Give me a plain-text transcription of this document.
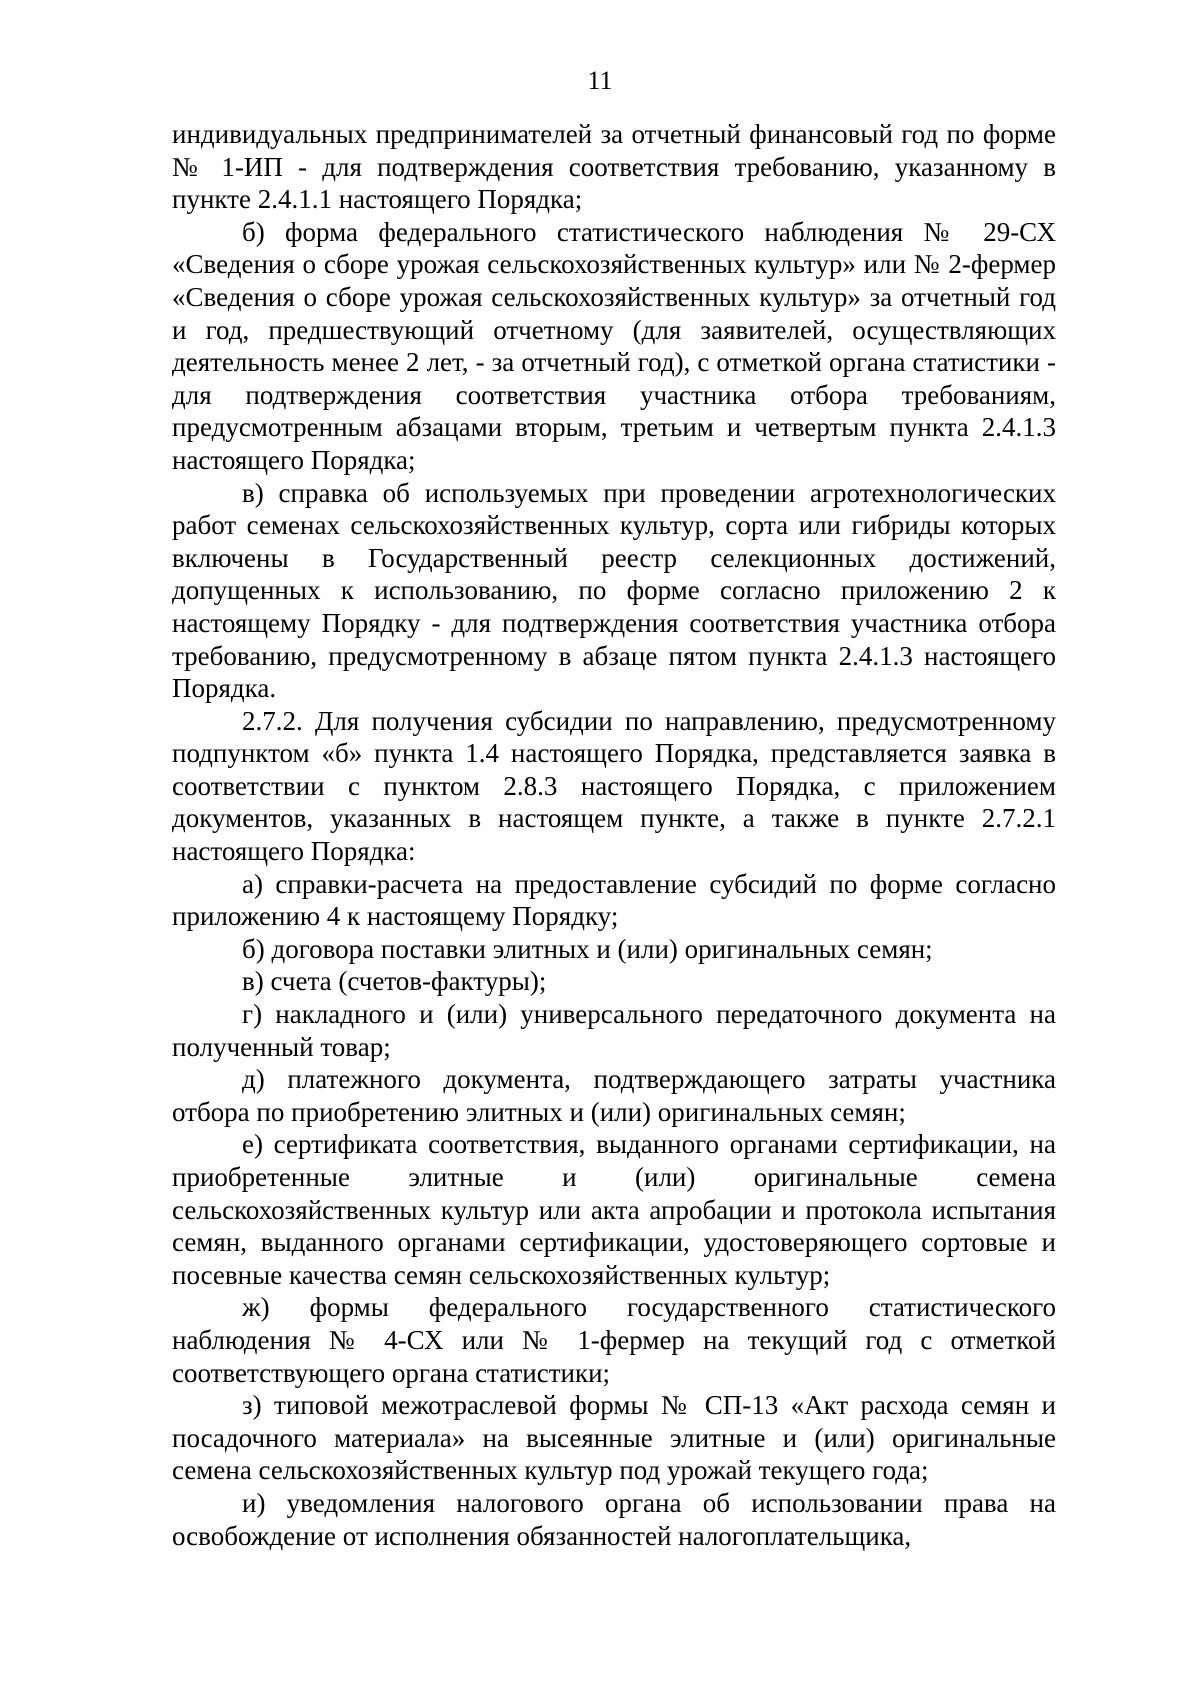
11

индивидуальных предпринимателей за отчетный финансовый год по форме № 1-ИП - для подтверждения соответствия требованию, указанному в пункте 2.4.1.1 настоящего Порядка;

б) форма федерального статистического наблюдения № 29-СХ «Сведения о сборе урожая сельскохозяйственных культур» или № 2-фермер «Сведения о сборе урожая сельскохозяйственных культур» за отчетный год и год, предшествующий отчетному (для заявителей, осуществляющих деятельность менее 2 лет, - за отчетный год), с отметкой органа статистики - для подтверждения соответствия участника отбора требованиям, предусмотренным абзацами вторым, третьим и четвертым пункта 2.4.1.3 настоящего Порядка;

в) справка об используемых при проведении агротехнологических работ семенах сельскохозяйственных культур, сорта или гибриды которых включены в Государственный реестр селекционных достижений, допущенных к использованию, по форме согласно приложению 2 к настоящему Порядку - для подтверждения соответствия участника отбора требованию, предусмотренному в абзаце пятом пункта 2.4.1.3 настоящего Порядка.

2.7.2. Для получения субсидии по направлению, предусмотренному подпунктом «б» пункта 1.4 настоящего Порядка, представляется заявка в соответствии с пунктом 2.8.3 настоящего Порядка, с приложением документов, указанных в настоящем пункте, а также в пункте 2.7.2.1 настоящего Порядка:

а) справки-расчета на предоставление субсидий по форме согласно приложению 4 к настоящему Порядку;

б) договора поставки элитных и (или) оригинальных семян;

в) счета (счетов-фактуры);

г) накладного и (или) универсального передаточного документа на полученный товар;

д) платежного документа, подтверждающего затраты участника отбора по приобретению элитных и (или) оригинальных семян;

е) сертификата соответствия, выданного органами сертификации, на приобретенные элитные и (или) оригинальные семена сельскохозяйственных культур или акта апробации и протокола испытания семян, выданного органами сертификации, удостоверяющего сортовые и посевные качества семян сельскохозяйственных культур;

ж) формы федерального государственного статистического наблюдения № 4-СХ или № 1-фермер на текущий год с отметкой соответствующего органа статистики;

з) типовой межотраслевой формы № СП-13 «Акт расхода семян и посадочного материала» на высеянные элитные и (или) оригинальные семена сельскохозяйственных культур под урожай текущего года;

и) уведомления налогового органа об использовании права на освобождение от исполнения обязанностей налогоплательщика,
